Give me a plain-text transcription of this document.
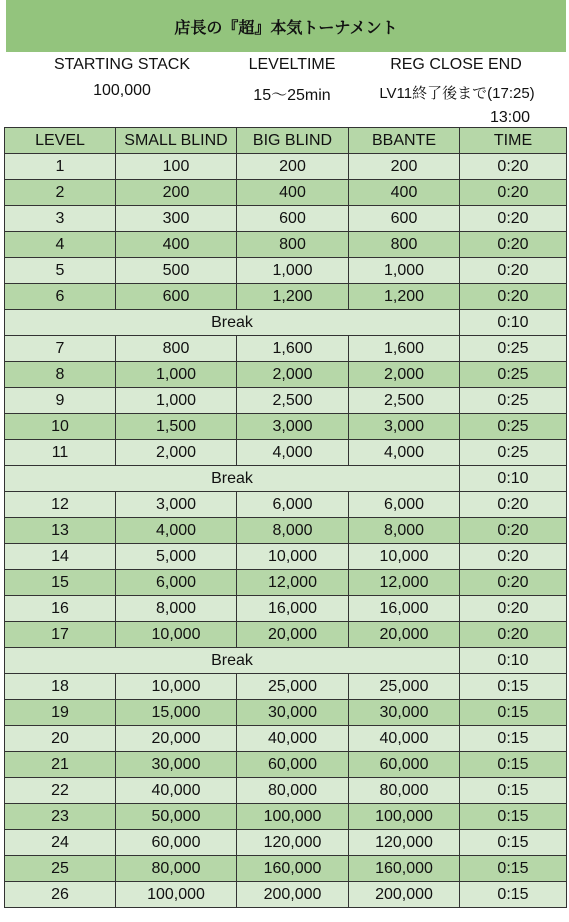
店長の『超』本気トーナメント
STARTING STACK
100,000
LEVELTIME
15〜25min
REG CLOSE END
LV11終了後まで(17:25)
13:00
LEVEL	SMALL BLIND	BIG BLIND	BBANTE	TIME
1	100	200	200	0:20
2	200	400	400	0:20
3	300	600	600	0:20
4	400	800	800	0:20
5	500	1,000	1,000	0:20
6	600	1,200	1,200	0:20
Break				0:10
7	800	1,600	1,600	0:25
8	1,000	2,000	2,000	0:25
9	1,000	2,500	2,500	0:25
10	1,500	3,000	3,000	0:25
11	2,000	4,000	4,000	0:25
Break				0:10
12	3,000	6,000	6,000	0:20
13	4,000	8,000	8,000	0:20
14	5,000	10,000	10,000	0:20
15	6,000	12,000	12,000	0:20
16	8,000	16,000	16,000	0:20
17	10,000	20,000	20,000	0:20
Break				0:10
18	10,000	25,000	25,000	0:15
19	15,000	30,000	30,000	0:15
20	20,000	40,000	40,000	0:15
21	30,000	60,000	60,000	0:15
22	40,000	80,000	80,000	0:15
23	50,000	100,000	100,000	0:15
24	60,000	120,000	120,000	0:15
25	80,000	160,000	160,000	0:15
26	100,000	200,000	200,000	0:15
